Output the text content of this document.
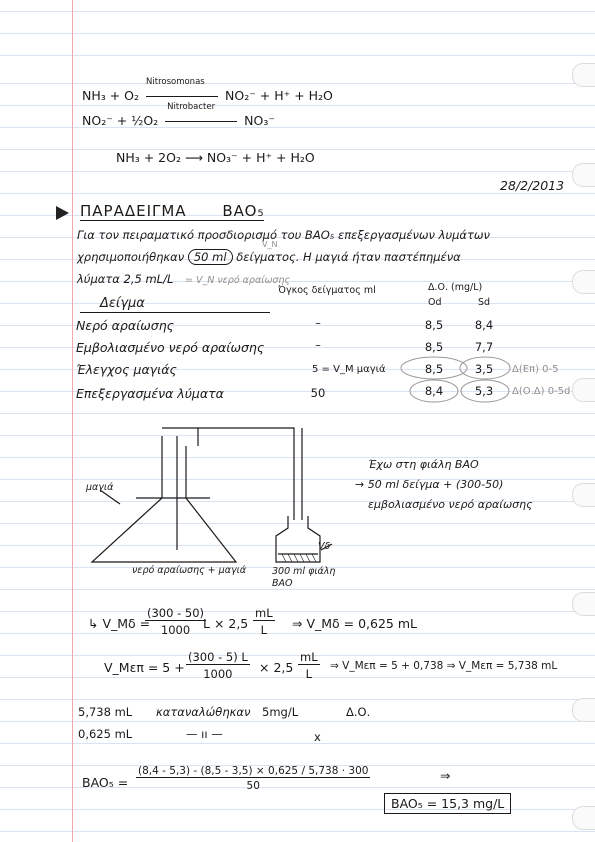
NH₃ + O₂
Nitrosomonas
NO₂⁻ + H⁺ + H₂O
NO₂⁻ + ½O₂
Nitrobacter
NO₃⁻
NH₃ + 2O₂ ⟶ NO₃⁻ + H⁺ + H₂O
28/2/2013
ΠΑΡΑΔΕΙΓΜΑ BAO₅
Για τον πειραματικό προσδιορισμό του BAO₅ επεξεργασμένων λυμάτων
χρησιμοποιήθηκαν 50 ml δείγματος. Η μαγιά ήταν παστέπημένα
V_N
λύματα 2,5 mL/L = V_N νερό αραίωσης
Δείγμα
Όγκος δείγματος ml	Δ.Ο. (mg/L)
Οd	Sd
Νερό αραίωσης	–	8,5	8,4
Εμβολιασμένο νερό αραίωσης	–	8,5	7,7
Έλεγχος μαγιάς	5 = V_M μαγιά	8,5	3,5	Δ(Επ) 0-5
Επεξεργασμένα λύματα	50	8,4	5,3	Δ(Ο.Δ) 0-5d
μαγιά
νερό αραίωσης + μαγιά
Vδ
300 ml φιάλη BAO
Έχω στη φιάλη BAO
→ 50 ml δείγμα + (300-50)
εμβολιασμένο νερό αραίωσης
↳ V_Mδ =
$\frac{(300 - 50)}{1000}$
$L \times 2,5 \frac{mL}{L}$ ⇒ V_Mδ = 0,625 mL
V_Mεπ = $5 + \frac{(300 - 5) L}{1000} \times 2,5 \frac{mL}{L}$ ⇒ V_Mεπ = 5 + 0,738 ⇒ V_Mεπ = 5,738 mL
5,738 mL καταναλώθηκαν 5mg/L	Δ.Ο.
0,625 mL	— ıı —	x
$BAO_5 = \frac{(8,4 - 5,3) - (8,5 - 3,5) \times 0,625 / 5,738 \cdot 300}{50}$	⇒
BAO₅ = 15,3 mg/L
